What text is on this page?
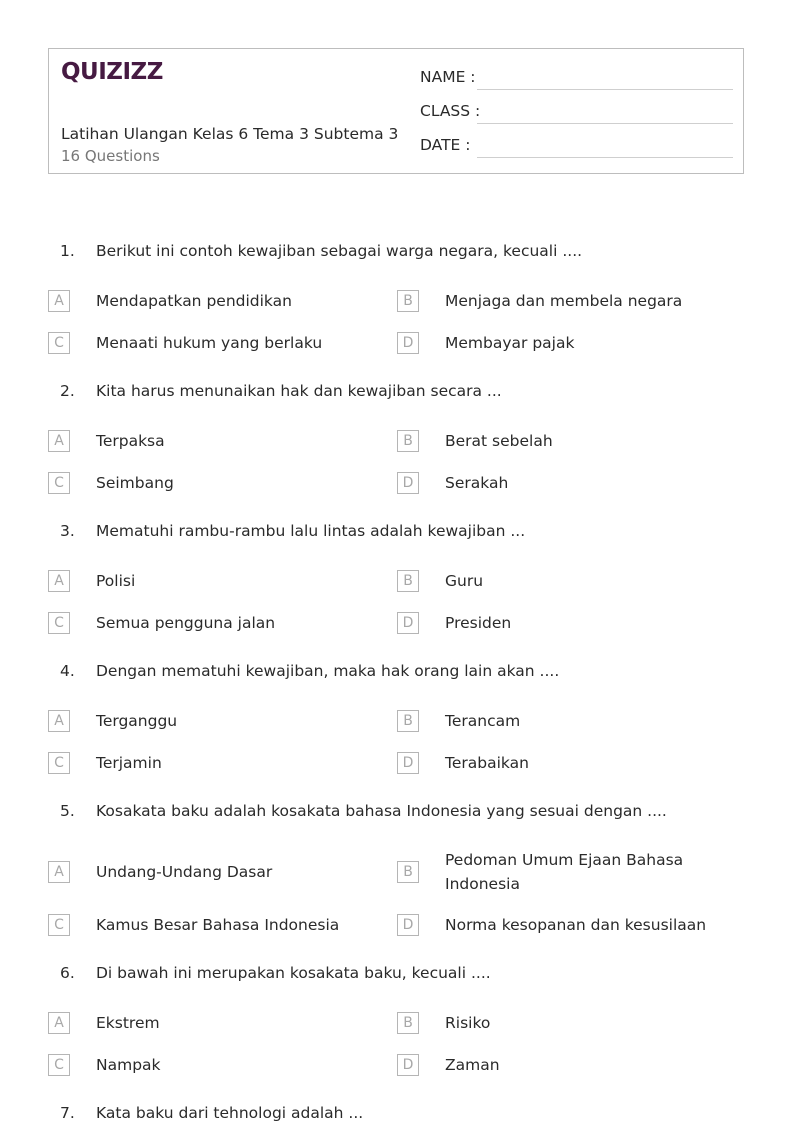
QUIZIZZ
Latihan Ulangan Kelas 6 Tema 3 Subtema 3
16 Questions
NAME :
CLASS :
DATE :
1. Berikut ini contoh kewajiban sebagai warga negara, kecuali ....
A	Mendapatkan pendidikan	B	Menjaga dan membela negara
C	Menaati hukum yang berlaku	D	Membayar pajak
2. Kita harus menunaikan hak dan kewajiban secara ...
A	Terpaksa	B	Berat sebelah
C	Seimbang	D	Serakah
3. Mematuhi rambu-rambu lalu lintas adalah kewajiban ...
A	Polisi	B	Guru
C	Semua pengguna jalan	D	Presiden
4. Dengan mematuhi kewajiban, maka hak orang lain akan ....
A	Terganggu	B	Terancam
C	Terjamin	D	Terabaikan
5. Kosakata baku adalah kosakata bahasa Indonesia yang sesuai dengan ....
A	Undang-Undang Dasar	B
Pedoman Umum Ejaan Bahasa Indonesia
C	Kamus Besar Bahasa Indonesia	D	Norma kesopanan dan kesusilaan
6. Di bawah ini merupakan kosakata baku, kecuali ....
A	Ekstrem	B	Risiko
C	Nampak	D	Zaman
7. Kata baku dari tehnologi adalah ...
